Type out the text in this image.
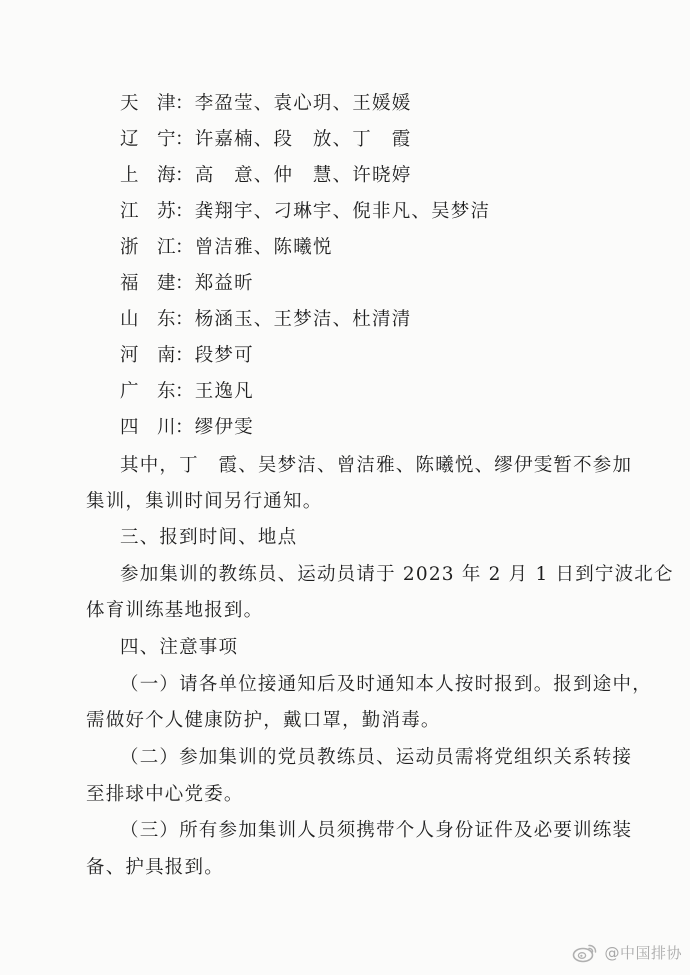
天 津：李盈莹、袁心玥、王媛媛
辽 宁：许嘉楠、段　放、丁　霞
上 海：高　意、仲　慧、许晓婷
江 苏：龚翔宇、刁琳宇、倪非凡、吴梦洁
浙 江：曾洁雅、陈曦悦
福 建：郑益昕
山 东：杨涵玉、王梦洁、杜清清
河 南：段梦可
广 东：王逸凡
四 川：缪伊雯
其中，丁　霞、吴梦洁、曾洁雅、陈曦悦、缪伊雯暂不参加
集训，集训时间另行通知。
三、报到时间、地点
参加集训的教练员、运动员请于 2023 年 2 月 1 日到宁波北仑
体育训练基地报到。
四、注意事项
（一）请各单位接通知后及时通知本人按时报到。报到途中，
需做好个人健康防护，戴口罩，勤消毒。
（二）参加集训的党员教练员、运动员需将党组织关系转接
至排球中心党委。
（三）所有参加集训人员须携带个人身份证件及必要训练装
备、护具报到。
@中国排协
